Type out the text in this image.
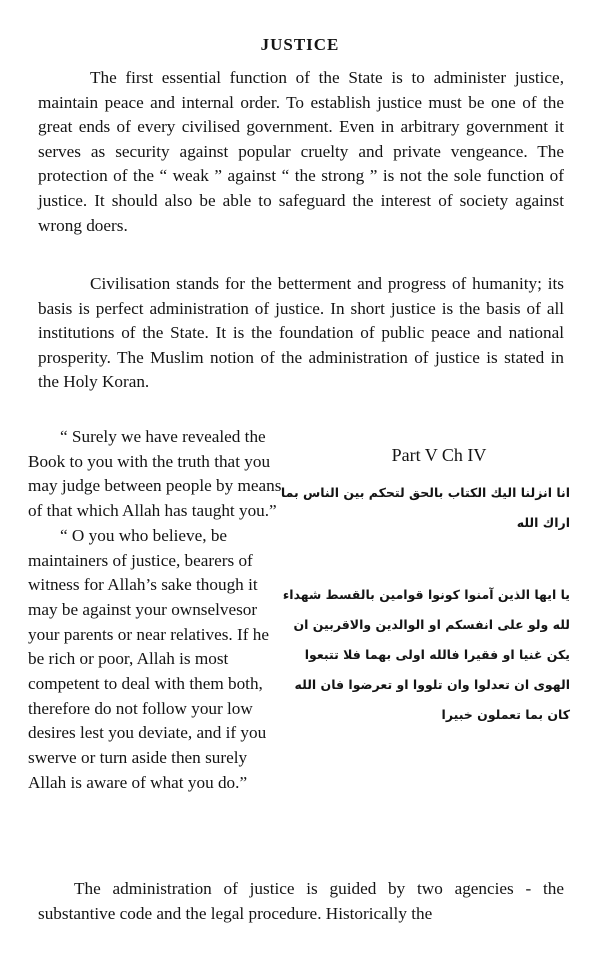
JUSTICE

The first essential function of the State is to administer justice, maintain peace and internal order. To establish justice must be one of the great ends of every civilised government. Even in arbitrary government it serves as security against popular cruelty and private vengeance. The protection of the “ weak ” against “ the strong ” is not the sole function of justice. It should also be able to safeguard the interest of society against wrong doers.

Civilisation stands for the betterment and progress of humanity; its basis is perfect administration of justice. In short justice is the basis of all institutions of the State. It is the foundation of public peace and national prosperity. The Muslim notion of the administration of justice is stated in the Holy Koran.

“ Surely we have revealed the Book to you with the truth that you may judge between people by means of that which Allah has taught you.”

“ O you who believe, be maintainers of justice, bearers of witness for Allah’s sake though it may be against your ownselvesor your parents or near relatives. If he be rich or poor, Allah is most competent to deal with them both, therefore do not follow your low desires lest you deviate, and if you swerve or turn aside then surely Allah is aware of what you do.”

Part V Ch IV

انا انزلنا اليك الكتاب بالحق لتحكم بين الناس بما اراك الله

يا ايها الذين آمنوا كونوا قوامين بالقسط شهداء لله ولو على انفسكم او الوالدين والاقربين ان يكن غنيا او فقيرا فالله اولى بهما فلا تتبعوا الهوى ان تعدلوا وان تلووا او تعرضوا فان الله كان بما تعملون خبيرا

The administration of justice is guided by two agencies - the substantive code and the legal procedure. Historically the
